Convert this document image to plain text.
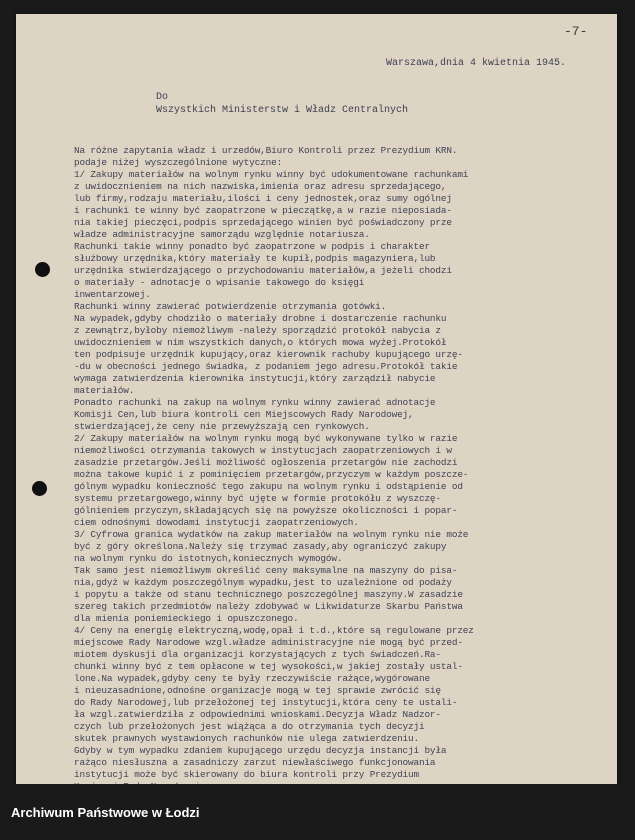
-7-
Warszawa,dnia 4 kwietnia 1945.
Do
Wszystkich Ministerstw i Władz Centralnych
Na różne zapytania władz i urzedów,Biuro Kontroli przez Prezydium KRN.
podaje niżej wyszczególnione wytyczne:
1/ Zakupy materiałów na wolnym rynku winny być udokumentowane rachunkami
z uwidocznieniem na nich nazwiska,imienia oraz adresu sprzedającego,
lub firmy,rodzaju materiału,ilości i ceny jednostek,oraz sumy ogólnej
i rachunki te winny być zaopatrzone w pieczątkę,a w razie nieposiada-
nia takiej pieczęci,podpis sprzedającego winien być poświadczony prze
władze administracyjne samorządu względnie notariusza.
Rachunki takie winny ponadto być zaopatrzone w podpis i charakter
służbowy urzędnika,który materiały te kupił,podpis magazyniera,lub
urzędnika stwierdzającego o przychodowaniu materiałów,a jeżeli chodzi
o materiały - adnotacje o wpisanie takowego do księgi
inwentarzowej.
Rachunki winny zawierać potwierdzenie otrzymania gotówki.
Na wypadek,gdyby chodziło o materiały drobne i dostarczenie rachunku
z zewnątrz,byłoby niemożliwym -należy sporządzić protokół nabycia z
uwidocznieniem w nim wszystkich danych,o których mowa wyżej.Protokół
ten podpisuje urzędnik kupujący,oraz kierownik rachuby kupującego urzę-
-du w obecności jednego świadka, z podaniem jego adresu.Protokół takie
wymaga zatwierdzenia kierownika instytucji,który zarządził nabycie
materiałów.
Ponadto rachunki na zakup na wolnym rynku winny zawierać adnotacje
Komisji Cen,lub biura kontroli cen Miejscowych Rady Narodowej,
stwierdzającej,że ceny nie przewyższają cen rynkowych.
2/ Zakupy materiałów na wolnym rynku mogą być wykonywane tylko w razie
niemożliwości otrzymania takowych w instytucjach zaopatrzeniowych i w
zasadzie przetargów.Jeśli możliwość ogłoszenia przetargów nie zachodzi
można takowe kupić i z pominięciem przetargów,przyczym w każdym poszcze-
gólnym wypadku konieczność tego zakupu na wolnym rynku i odstąpienie od
systemu przetargowego,winny być ujęte w formie protokółu z wyszczę-
gólnieniem przyczyn,składających się na powyższe okoliczności i popar-
ciem odnośnymi dowodami instytucji zaopatrzeniowych.
3/ Cyfrowa granica wydatków na zakup materiałów na wolnym rynku nie może
być z góry określona.Należy się trzymać zasady,aby ograniczyć zakupy
na wolnym rynku do istotnych,koniecznych wymogów.
Tak samo jest niemożliwym określić ceny maksymalne na maszyny do pisa-
nia,gdyż w każdym poszczególnym wypadku,jest to uzależnione od podaży
i popytu a także od stanu technicznego poszczególnej maszyny.W zasadzie
szereg takich przedmiotów należy zdobywać w Likwidaturze Skarbu Państwa
dla mienia poniemieckiego i opuszczonego.
4/ Ceny na energię elektryczną,wodę,opał i t.d.,które są regulowane przez
miejscowe Rady Narodowe wzgl.władze administracyjne nie mogą być przed-
miotem dyskusji dla organizacji korzystających z tych świadczeń.Ra-
chunki winny być z tem opłacone w tej wysokości,w jakiej zostały ustal-
lone.Na wypadek,gdyby ceny te były rzeczywiście rażące,wygórowane
i nieuzasadnione,odnośne organizacje mogą w tej sprawie zwrócić się
do Rady Narodowej,lub przełożonej tej instytucji,która ceny te ustali-
ła wzgl.zatwierdziła z odpowiednimi wnioskami.Decyzja Władz Nadzor-
czych lub przełożonych jest wiążąca a do otrzymania tych decyzji
skutek prawnych wystawionych rachunków nie ulega zatwierdzeniu.
Gdyby w tym wypadku zdaniem kupującego urzędu decyzja instancji była
rażąco niesłuszna a zasadniczy zarzut niewłaściwego funkcjonowania
instytucji może być skierowany do biura kontroli przy Prezydium
Archiwum Państwowe w Łodzi
